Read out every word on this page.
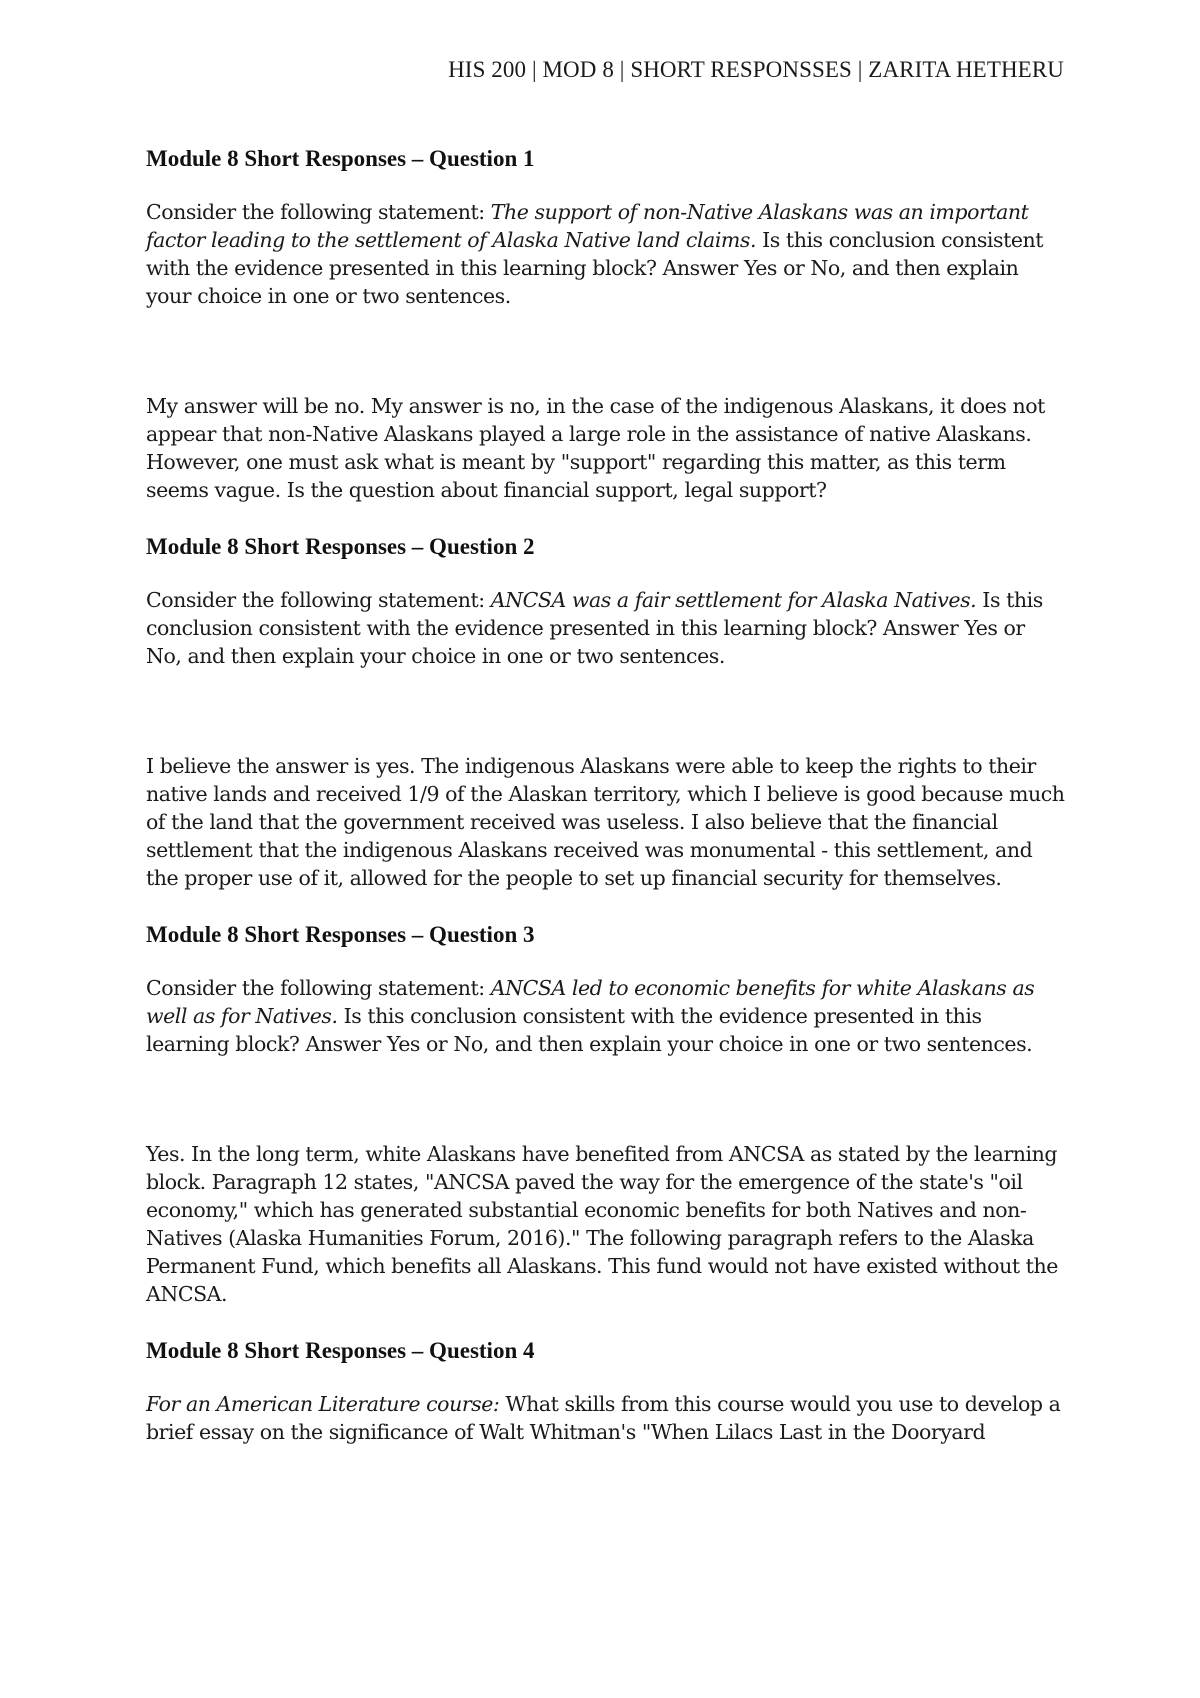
HIS 200 | MOD 8 | SHORT RESPONSSES | ZARITA HETHERU
Module 8 Short Responses – Question 1

Consider the following statement: The support of non-Native Alaskans was an important factor leading to the settlement of Alaska Native land claims. Is this conclusion consistent with the evidence presented in this learning block? Answer Yes or No, and then explain your choice in one or two sentences.

My answer will be no. My answer is no, in the case of the indigenous Alaskans, it does not appear that non-Native Alaskans played a large role in the assistance of native Alaskans. However, one must ask what is meant by "support" regarding this matter, as this term seems vague. Is the question about financial support, legal support?

Module 8 Short Responses – Question 2

Consider the following statement: ANCSA was a fair settlement for Alaska Natives. Is this conclusion consistent with the evidence presented in this learning block? Answer Yes or No, and then explain your choice in one or two sentences.

I believe the answer is yes. The indigenous Alaskans were able to keep the rights to their native lands and received 1/9 of the Alaskan territory, which I believe is good because much of the land that the government received was useless. I also believe that the financial settlement that the indigenous Alaskans received was monumental - this settlement, and the proper use of it, allowed for the people to set up financial security for themselves.

Module 8 Short Responses – Question 3

Consider the following statement: ANCSA led to economic benefits for white Alaskans as well as for Natives. Is this conclusion consistent with the evidence presented in this learning block? Answer Yes or No, and then explain your choice in one or two sentences.

Yes. In the long term, white Alaskans have benefited from ANCSA as stated by the learning block. Paragraph 12 states, "ANCSA paved the way for the emergence of the state's "oil economy," which has generated substantial economic benefits for both Natives and non-Natives (Alaska Humanities Forum, 2016)." The following paragraph refers to the Alaska Permanent Fund, which benefits all Alaskans. This fund would not have existed without the ANCSA.

Module 8 Short Responses – Question 4

For an American Literature course: What skills from this course would you use to develop a brief essay on the significance of Walt Whitman's "When Lilacs Last in the Dooryard
